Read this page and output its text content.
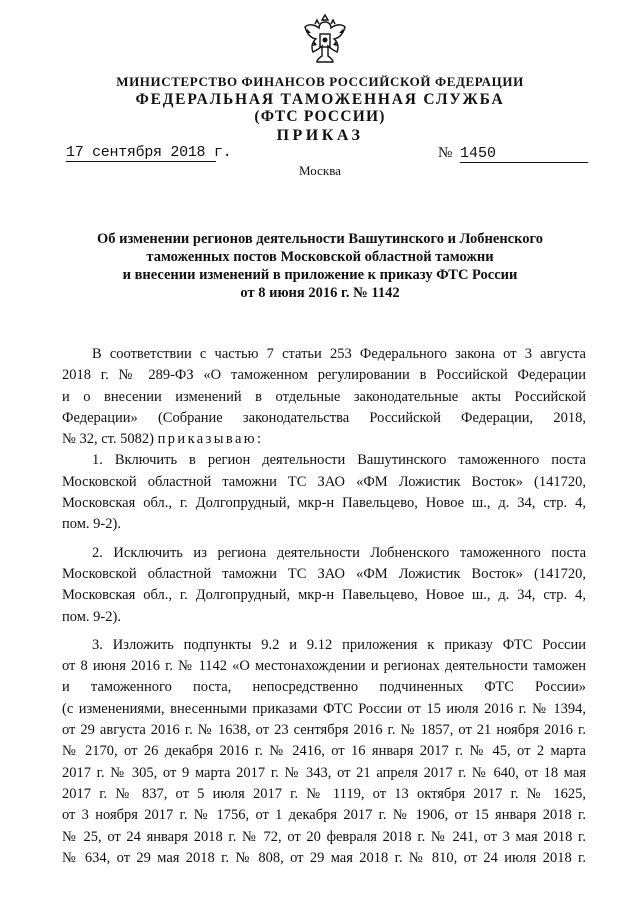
МИНИСТЕРСТВО ФИНАНСОВ РОССИЙСКОЙ ФЕДЕРАЦИИ
ФЕДЕРАЛЬНАЯ ТАМОЖЕННАЯ СЛУЖБА
(ФТС РОССИИ)
ПРИКАЗ
17 сентября 2018 г.	№ 1450
Москва
Об изменении регионов деятельности Вашутинского и Лобненского
таможенных постов Московской областной таможни
и внесении изменений в приложение к приказу ФТС России
от 8 июня 2016 г. № 1142
В соответствии с частью 7 статьи 253 Федерального закона от 3 августа
2018 г. № 289-ФЗ «О таможенном регулировании в Российской Федерации
и о внесении изменений в отдельные законодательные акты Российской
Федерации» (Собрание законодательства Российской Федерации, 2018,
№ 32, ст. 5082) приказываю:
1. Включить в регион деятельности Вашутинского таможенного поста
Московской областной таможни ТС ЗАО «ФМ Ложистик Восток» (141720,
Московская обл., г. Долгопрудный, мкр-н Павельцево, Новое ш., д. 34, стр. 4,
пом. 9-2).
2. Исключить из региона деятельности Лобненского таможенного поста
Московской областной таможни ТС ЗАО «ФМ Ложистик Восток» (141720,
Московская обл., г. Долгопрудный, мкр-н Павельцево, Новое ш., д. 34, стр. 4,
пом. 9-2).
3. Изложить подпункты 9.2 и 9.12 приложения к приказу ФТС России
от 8 июня 2016 г. № 1142 «О местонахождении и регионах деятельности таможен
и таможенного поста, непосредственно подчиненных ФТС России»
(с изменениями, внесенными приказами ФТС России от 15 июля 2016 г. № 1394,
от 29 августа 2016 г. № 1638, от 23 сентября 2016 г. № 1857, от 21 ноября 2016 г.
№ 2170, от 26 декабря 2016 г. № 2416, от 16 января 2017 г. № 45, от 2 марта
2017 г. № 305, от 9 марта 2017 г. № 343, от 21 апреля 2017 г. № 640, от 18 мая
2017 г. № 837, от 5 июля 2017 г. № 1119, от 13 октября 2017 г. № 1625,
от 3 ноября 2017 г. № 1756, от 1 декабря 2017 г. № 1906, от 15 января 2018 г.
№ 25, от 24 января 2018 г. № 72, от 20 февраля 2018 г. № 241, от 3 мая 2018 г.
№ 634, от 29 мая 2018 г. № 808, от 29 мая 2018 г. № 810, от 24 июля 2018 г.
